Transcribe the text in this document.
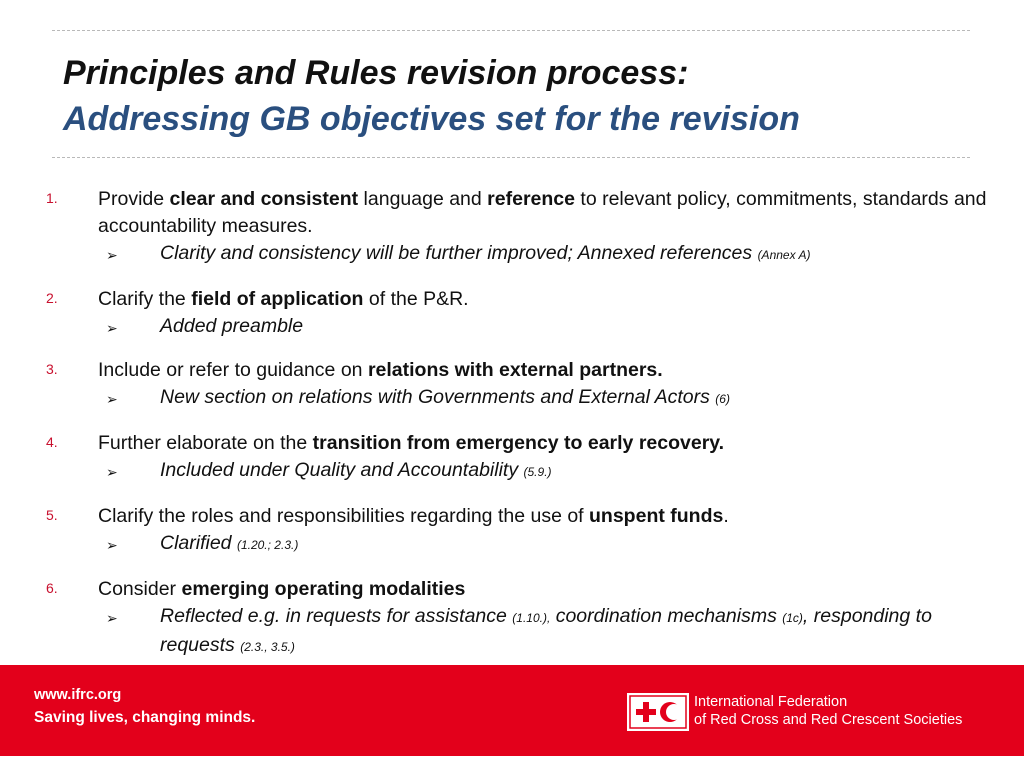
Principles and Rules revision process:
Addressing GB objectives set for the revision
1. Provide clear and consistent language and reference to relevant policy, commitments, standards and accountability measures.
➢ Clarity and consistency will be further improved; Annexed references (Annex A)
2. Clarify the field of application of the P&R.
➢ Added preamble
3. Include or refer to guidance on relations with external partners.
➢ New section on relations with Governments and External Actors (6)
4. Further elaborate on the transition from emergency to early recovery.
➢ Included under Quality and Accountability (5.9.)
5. Clarify the roles and responsibilities regarding the use of unspent funds.
➢ Clarified (1.20.; 2.3.)
6. Consider emerging operating modalities
➢ Reflected e.g. in requests for assistance (1.10.), coordination mechanisms (1c), responding to requests (2.3., 3.5.)
www.ifrc.org
Saving lives, changing minds.
International Federation
of Red Cross and Red Crescent Societies
